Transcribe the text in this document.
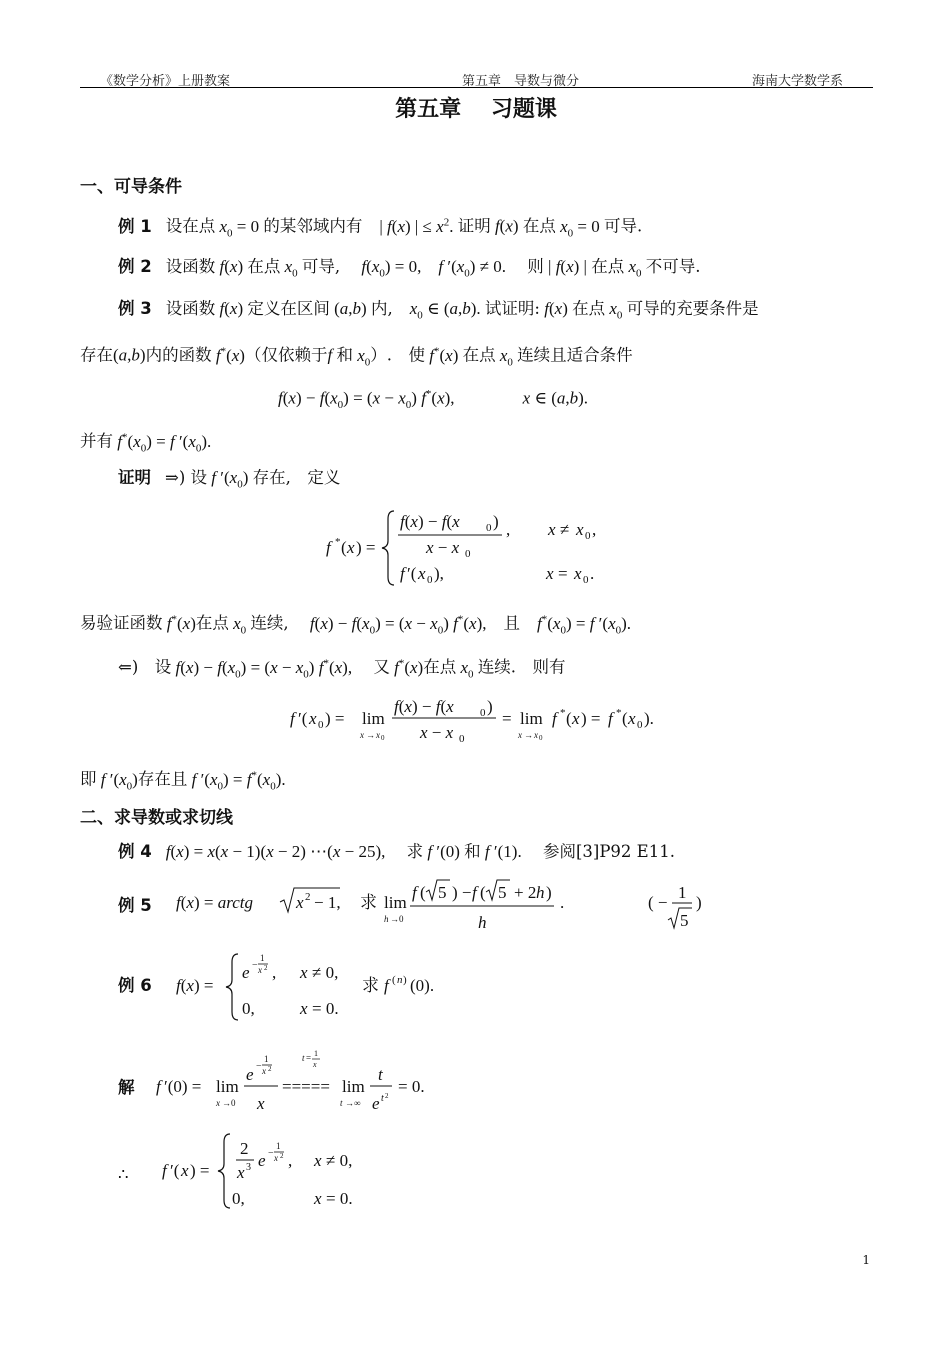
《数学分析》上册教案	第五章　导数与微分	海南大学数学系
第五章　 习题课
一、可导条件
例 1 设在点 $x_0 = 0$ 的某邻域内有　| f(x) | ≤ $x^2$. 证明 f(x) 在点 $x_0 = 0$ 可导.
例 2 设函数 f(x) 在点 $x_0$ 可导,　 $f(x_0) = 0$,　f $'(x_0) \ne 0$.　 则 | f(x) | 在点 $x_0$ 不可导.
例 3 设函数 f(x) 定义在区间 (a,b) 内,　 $x_0$ ∈ (a,b). 试证明: f(x) 在点 $x_0$ 可导的充要条件是
存在(a,b)内的函数 f*(x)（仅依赖于f 和 $x_0$）.　使 f*(x) 在点 $x_0$ 连续且适合条件
$f(x) - f(x_0) = (x - x_0)$ f*(x),　　　　x ∈ (a,b).
并有 $f^*(x_0) = f$ $'(x_0)$.
证明 ⇒) 设 f $'(x_0)$ 存在,　定义
f * ( x ) =
f(x) − f(x 0 )
x − x 0
, x ≠ x 0 ,
f ′( x 0 ),	x = x 0 .
易验证函数 f*(x)在点 $x_0$ 连续,　 $f(x) - f(x_0) = (x - x_0)$ f*(x),　且　 $f^*(x_0) = f$ $'(x_0)$.
⇐)　设 $f(x) - f(x_0) = (x - x_0)$ f*(x),　 又 f*(x)在点 $x_0$ 连续.　则有
f ′( x 0 ) = lim
x → x 0
f(x) − f(x 0 )
x − x 0
= lim
x → x 0
f * ( x ) = f * ( x 0 ).
即 f $'(x_0)$存在且 f $'(x_0) = f^*(x_0)$.
二、求导数或求切线
例 4 f(x) = x(x − 1)(x − 2) ⋯(x − 25),　 求 f ′(0) 和 f ′(1).　 参阅[3]P92 E11.
例 5	f(x) = arctg	x 2 − 1, 求 lim
h →0
f ( 5 ) − f ( 5 + 2 h )
h
.	( −
1
5
)
例 6	f(x) =
e −
1
x 2 , x ≠ 0,
求 f ( n ) (0).
0,	x = 0.
解	f ′(0) = lim
x →0
e −
1
x 2
x
t = 1
x
===== lim
t →∞
t
e t 2 = 0.
∴ f ′( x ) =
2
x 3 e −
1
x 2 , x ≠ 0,
0,	x = 0.
1
